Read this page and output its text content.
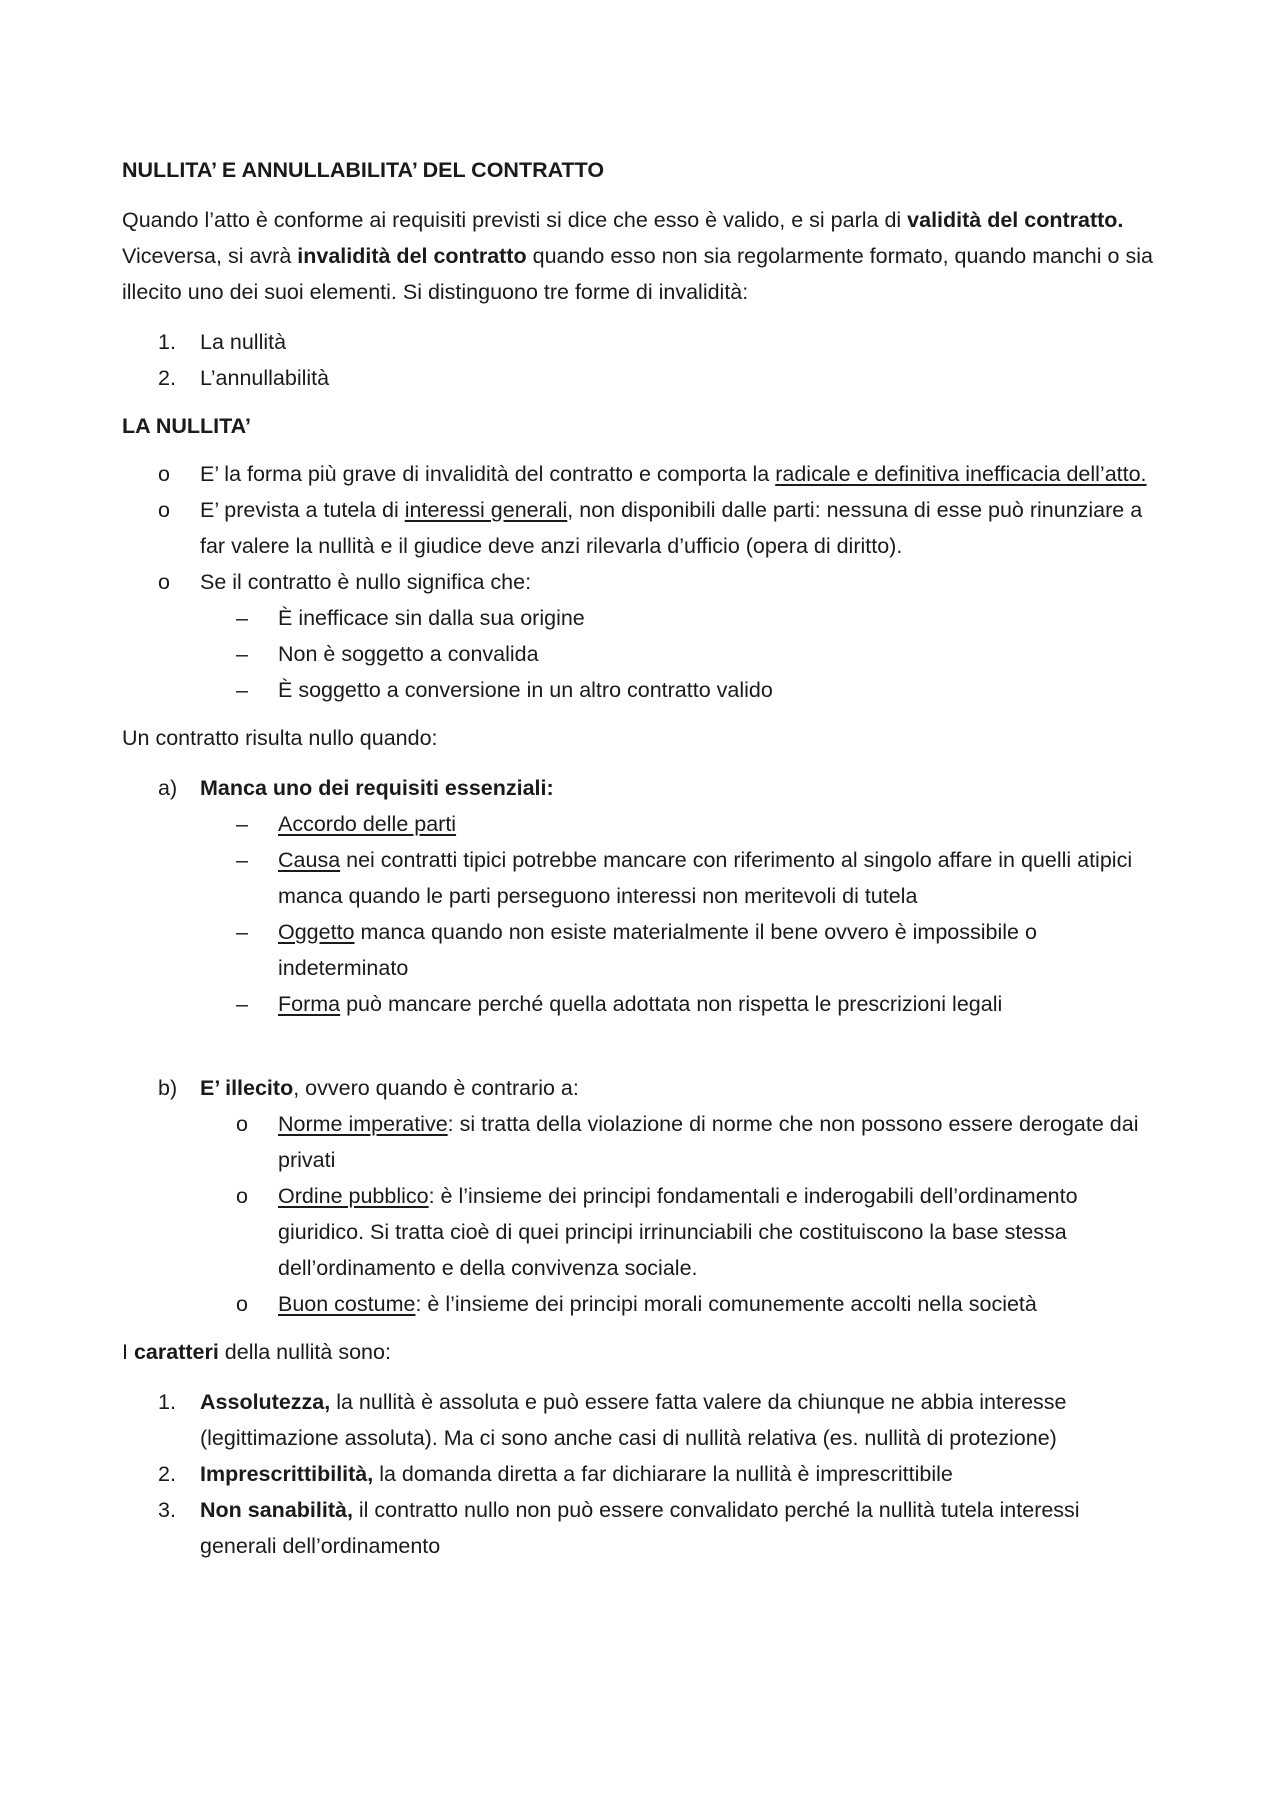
NULLITA’ E ANNULLABILITA’ DEL CONTRATTO

Quando l’atto è conforme ai requisiti previsti si dice che esso è valido, e si parla di validità del contratto. Viceversa, si avrà invalidità del contratto quando esso non sia regolarmente formato, quando manchi o sia illecito uno dei suoi elementi. Si distinguono tre forme di invalidità:

1.	La nullità
2.	L’annullabilità

LA NULLITA’

o	E’ la forma più grave di invalidità del contratto e comporta la radicale e definitiva inefficacia dell’atto.
o	E’ prevista a tutela di interessi generali, non disponibili dalle parti: nessuna di esse può rinunziare a far valere la nullità e il giudice deve anzi rilevarla d’ufficio (opera di diritto).
o	Se il contratto è nullo significa che:
–	È inefficace sin dalla sua origine
–	Non è soggetto a convalida
–	È soggetto a conversione in un altro contratto valido

Un contratto risulta nullo quando:

a)	Manca uno dei requisiti essenziali:
–	Accordo delle parti
–	Causa nei contratti tipici potrebbe mancare con riferimento al singolo affare in quelli atipici manca quando le parti perseguono interessi non meritevoli di tutela
–	Oggetto manca quando non esiste materialmente il bene ovvero è impossibile o indeterminato
–	Forma può mancare perché quella adottata non rispetta le prescrizioni legali
b)	E’ illecito, ovvero quando è contrario a:
o	Norme imperative: si tratta della violazione di norme che non possono essere derogate dai privati
o	Ordine pubblico: è l’insieme dei principi fondamentali e inderogabili dell’ordinamento giuridico. Si tratta cioè di quei principi irrinunciabili che costituiscono la base stessa dell’ordinamento e della convivenza sociale.
o	Buon costume: è l’insieme dei principi morali comunemente accolti nella società

I caratteri della nullità sono:

1.	Assolutezza, la nullità è assoluta e può essere fatta valere da chiunque ne abbia interesse (legittimazione assoluta). Ma ci sono anche casi di nullità relativa (es. nullità di protezione)
2.	Imprescrittibilità, la domanda diretta a far dichiarare la nullità è imprescrittibile
3.	Non sanabilità, il contratto nullo non può essere convalidato perché la nullità tutela interessi generali dell’ordinamento
